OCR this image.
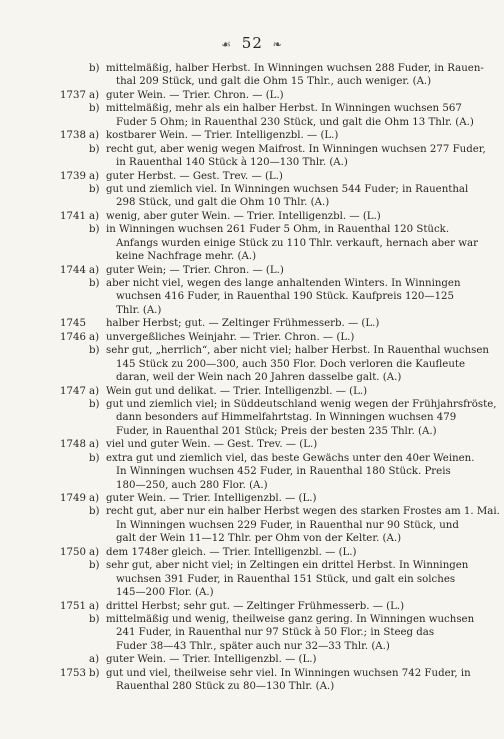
☙ 52 ❧
b) mittelmäßig, halber Herbst. In Winningen wuchsen 288 Fuder, in Rauen-
thal 209 Stück, und galt die Ohm 15 Thlr., auch weniger. (A.)
1737 a) guter Wein. — Trier. Chron. — (L.)
b) mittelmäßig, mehr als ein halber Herbst. In Winningen wuchsen 567
Fuder 5 Ohm; in Rauenthal 230 Stück, und galt die Ohm 13 Thlr. (A.)
1738 a) kostbarer Wein. — Trier. Intelligenzbl. — (L.)
b) recht gut, aber wenig wegen Maifrost. In Winningen wuchsen 277 Fuder,
in Rauenthal 140 Stück à 120—130 Thlr. (A.)
1739 a) guter Herbst. — Gest. Trev. — (L.)
b) gut und ziemlich viel. In Winningen wuchsen 544 Fuder; in Rauenthal
298 Stück, und galt die Ohm 10 Thlr. (A.)
1741 a) wenig, aber guter Wein. — Trier. Intelligenzbl. — (L.)
b) in Winningen wuchsen 261 Fuder 5 Ohm, in Rauenthal 120 Stück.
Anfangs wurden einige Stück zu 110 Thlr. verkauft, hernach aber war
keine Nachfrage mehr. (A.)
1744 a) guter Wein; — Trier. Chron. — (L.)
b) aber nicht viel, wegen des lange anhaltenden Winters. In Winningen
wuchsen 416 Fuder, in Rauenthal 190 Stück. Kaufpreis 120—125
Thlr. (A.)
1745 halber Herbst; gut. — Zeltinger Frühmesserb. — (L.)
1746 a) unvergeßliches Weinjahr. — Trier. Chron. — (L.)
b) sehr gut, „herrlich“, aber nicht viel; halber Herbst. In Rauenthal wuchsen
145 Stück zu 200—300, auch 350 Flor. Doch verloren die Kaufleute
daran, weil der Wein nach 20 Jahren dasselbe galt. (A.)
1747 a) Wein gut und delikat. — Trier. Intelligenzbl. — (L.)
b) gut und ziemlich viel; in Süddeutschland wenig wegen der Frühjahrsfröste,
dann besonders auf Himmelfahrtstag. In Winningen wuchsen 479
Fuder, in Rauenthal 201 Stück; Preis der besten 235 Thlr. (A.)
1748 a) viel und guter Wein. — Gest. Trev. — (L.)
b) extra gut und ziemlich viel, das beste Gewächs unter den 40er Weinen.
In Winningen wuchsen 452 Fuder, in Rauenthal 180 Stück. Preis
180—250, auch 280 Flor. (A.)
1749 a) guter Wein. — Trier. Intelligenzbl. — (L.)
b) recht gut, aber nur ein halber Herbst wegen des starken Frostes am 1. Mai.
In Winningen wuchsen 229 Fuder, in Rauenthal nur 90 Stück, und
galt der Wein 11—12 Thlr. per Ohm von der Kelter. (A.)
1750 a) dem 1748er gleich. — Trier. Intelligenzbl. — (L.)
b) sehr gut, aber nicht viel; in Zeltingen ein drittel Herbst. In Winningen
wuchsen 391 Fuder, in Rauenthal 151 Stück, und galt ein solches
145—200 Flor. (A.)
1751 a) drittel Herbst; sehr gut. — Zeltinger Frühmesserb. — (L.)
b) mittelmäßig und wenig, theilweise ganz gering. In Winningen wuchsen
241 Fuder, in Rauenthal nur 97 Stück à 50 Flor.; in Steeg das
Fuder 38—43 Thlr., später auch nur 32—33 Thlr. (A.)
a) guter Wein. — Trier. Intelligenzbl. — (L.)
1753 b) gut und viel, theilweise sehr viel. In Winningen wuchsen 742 Fuder, in
Rauenthal 280 Stück zu 80—130 Thlr. (A.)
